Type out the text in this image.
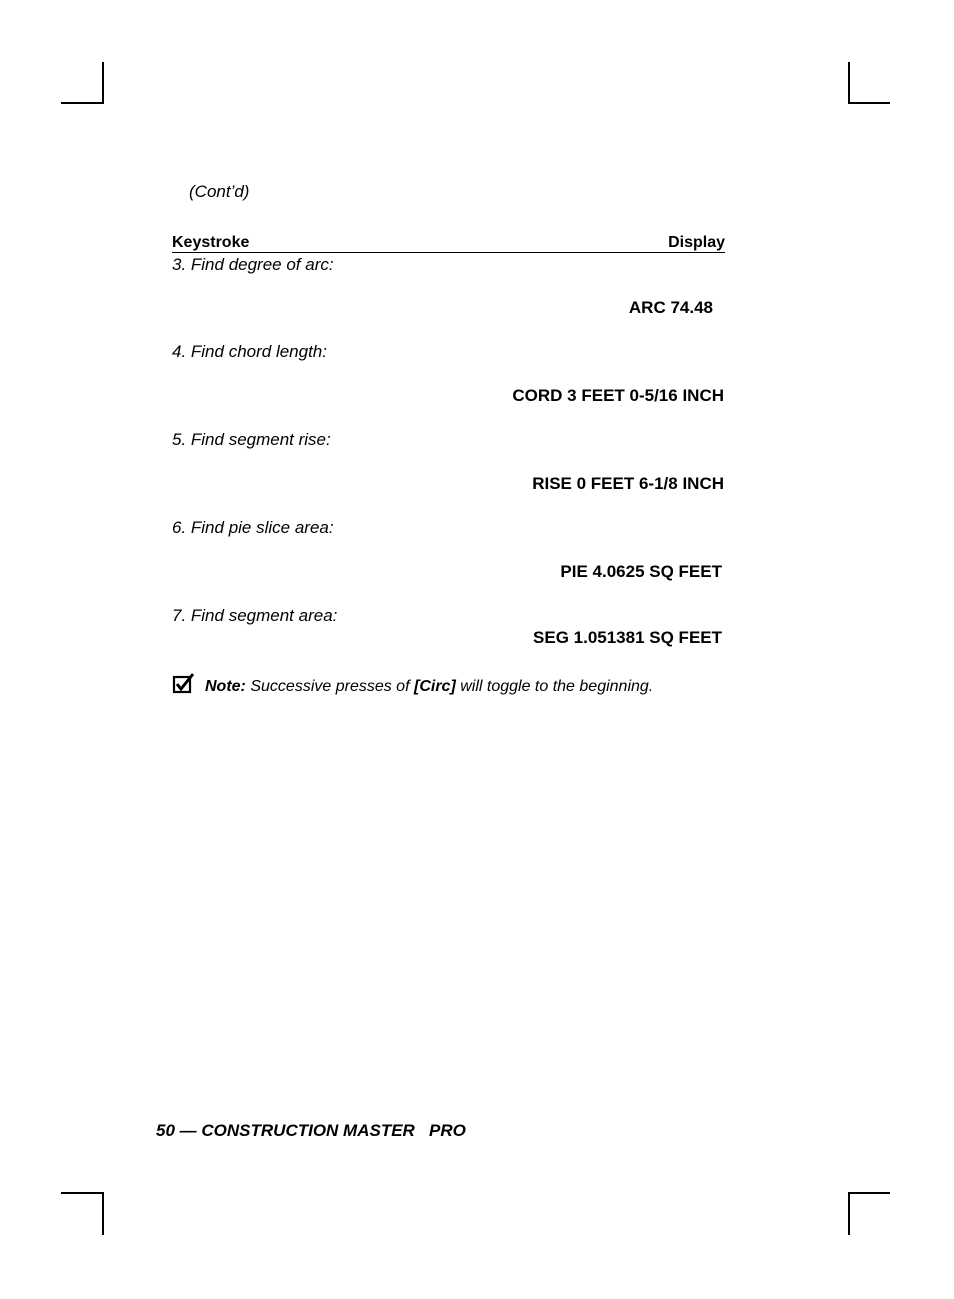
(Cont’d)
Keystroke	Display
3. Find degree of arc:
ARC 74.48
4. Find chord length:
CORD 3 FEET 0-5/16 INCH
5. Find segment rise:
RISE 0 FEET 6-1/8 INCH
6. Find pie slice area:
PIE 4.0625 SQ FEET
7. Find segment area:
SEG 1.051381 SQ FEET
Note: Successive presses of [Circ] will toggle to the beginning.
50 — CONSTRUCTION MASTER PRO
